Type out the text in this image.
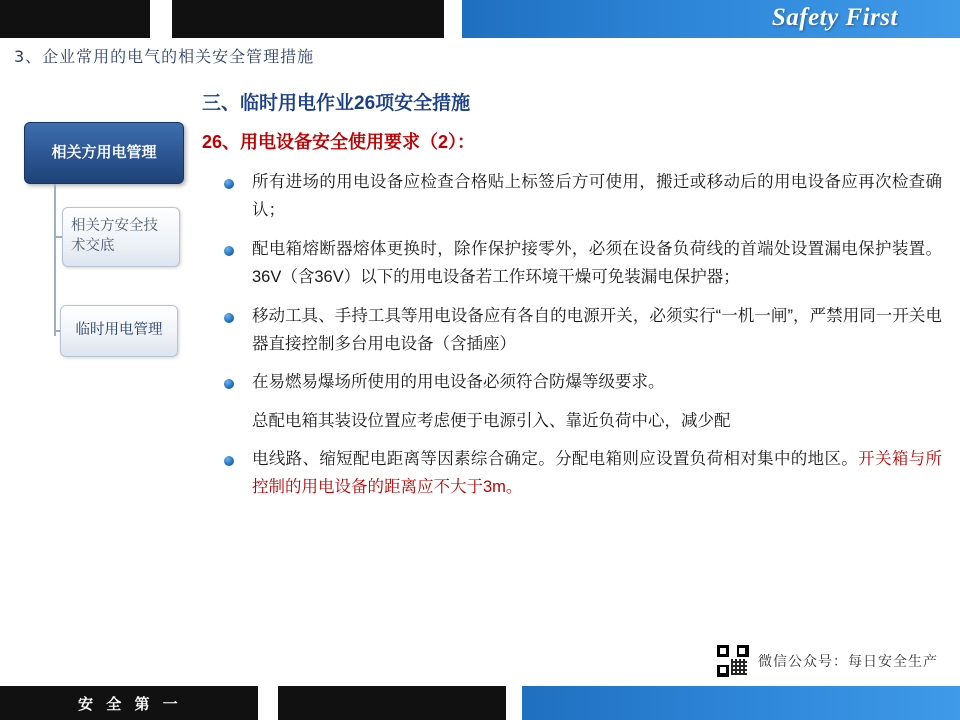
Safety First
3、企业常用的电气的相关安全管理措施
三、临时用电作业26项安全措施
相关方用电管理
相关方安全技术交底
临时用电管理
26、用电设备安全使用要求（2）：
所有进场的用电设备应检查合格贴上标签后方可使用，搬迁或移动后的用电设备应再次检查确认；
配电箱熔断器熔体更换时，除作保护接零外，必须在设备负荷线的首端处设置漏电保护装置。36V（含36V）以下的用电设备若工作环境干燥可免装漏电保护器；
移动工具、手持工具等用电设备应有各自的电源开关，必须实行“一机一闸”，严禁用同一开关电器直接控制多台用电设备（含插座）
在易燃易爆场所使用的用电设备必须符合防爆等级要求。
总配电箱其装设位置应考虑便于电源引入、靠近负荷中心，减少配
电线路、缩短配电距离等因素综合确定。分配电箱则应设置负荷相对集中的地区。开关箱与所控制的用电设备的距离应不大于3m。
微信公众号：每日安全生产
安 全 第 一
